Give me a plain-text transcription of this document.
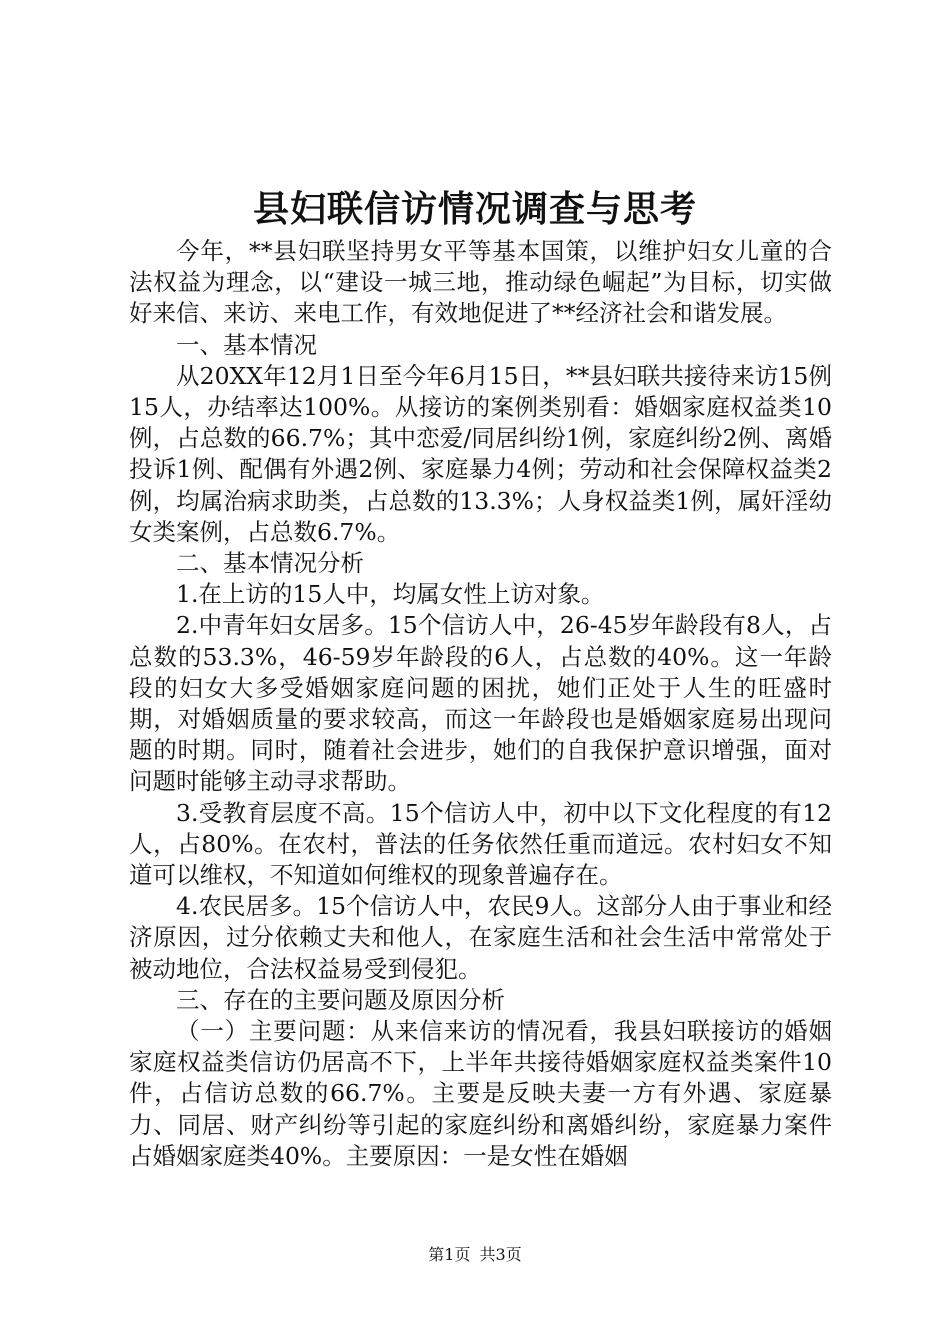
县妇联信访情况调查与思考

今年，**县妇联坚持男女平等基本国策，以维护妇女儿童的合法权益为理念，以“建设一城三地，推动绿色崛起”为目标，切实做好来信、来访、来电工作，有效地促进了**经济社会和谐发展。

一、基本情况

从20XX年12月1日至今年6月15日，**县妇联共接待来访15例15人，办结率达100%。从接访的案例类别看：婚姻家庭权益类10例，占总数的66.7%；其中恋爱/同居纠纷1例，家庭纠纷2例、离婚投诉1例、配偶有外遇2例、家庭暴力4例；劳动和社会保障权益类2例，均属治病求助类，占总数的13.3%；人身权益类1例，属奸淫幼女类案例，占总数6.7%。

二、基本情况分析

1.在上访的15人中，均属女性上访对象。

2.中青年妇女居多。15个信访人中，26-45岁年龄段有8人，占总数的53.3%，46-59岁年龄段的6人，占总数的40%。这一年龄段的妇女大多受婚姻家庭问题的困扰，她们正处于人生的旺盛时期，对婚姻质量的要求较高，而这一年龄段也是婚姻家庭易出现问题的时期。同时，随着社会进步，她们的自我保护意识增强，面对问题时能够主动寻求帮助。

3.受教育层度不高。15个信访人中，初中以下文化程度的有12人，占80%。在农村，普法的任务依然任重而道远。农村妇女不知道可以维权，不知道如何维权的现象普遍存在。

4.农民居多。15个信访人中，农民9人。这部分人由于事业和经济原因，过分依赖丈夫和他人，在家庭生活和社会生活中常常处于被动地位，合法权益易受到侵犯。

三、存在的主要问题及原因分析

（一）主要问题：从来信来访的情况看，我县妇联接访的婚姻家庭权益类信访仍居高不下，上半年共接待婚姻家庭权益类案件10件，占信访总数的66.7%。主要是反映夫妻一方有外遇、家庭暴力、同居、财产纠纷等引起的家庭纠纷和离婚纠纷，家庭暴力案件占婚姻家庭类40%。主要原因：一是女性在婚姻

第1页 共3页
